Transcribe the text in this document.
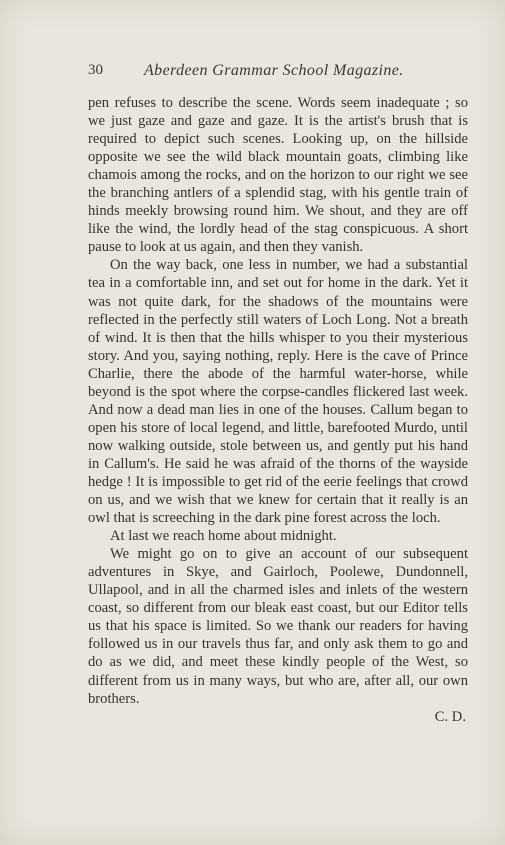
30	Aberdeen Grammar School Magazine.

pen refuses to describe the scene. Words seem inadequate ; so we just gaze and gaze and gaze. It is the artist's brush that is required to depict such scenes. Looking up, on the hillside opposite we see the wild black mountain goats, climbing like chamois among the rocks, and on the horizon to our right we see the branching antlers of a splendid stag, with his gentle train of hinds meekly browsing round him. We shout, and they are off like the wind, the lordly head of the stag conspicuous. A short pause to look at us again, and then they vanish.

On the way back, one less in number, we had a substantial tea in a comfortable inn, and set out for home in the dark. Yet it was not quite dark, for the shadows of the mountains were reflected in the perfectly still waters of Loch Long. Not a breath of wind. It is then that the hills whisper to you their mysterious story. And you, saying nothing, reply. Here is the cave of Prince Charlie, there the abode of the harmful water-horse, while beyond is the spot where the corpse-candles flickered last week. And now a dead man lies in one of the houses. Callum began to open his store of local legend, and little, barefooted Murdo, until now walking outside, stole between us, and gently put his hand in Callum's. He said he was afraid of the thorns of the wayside hedge ! It is impossible to get rid of the eerie feelings that crowd on us, and we wish that we knew for certain that it really is an owl that is screeching in the dark pine forest across the loch.

At last we reach home about midnight.

We might go on to give an account of our subsequent adventures in Skye, and Gairloch, Poolewe, Dundonnell, Ullapool, and in all the charmed isles and inlets of the western coast, so different from our bleak east coast, but our Editor tells us that his space is limited. So we thank our readers for having followed us in our travels thus far, and only ask them to go and do as we did, and meet these kindly people of the West, so different from us in many ways, but who are, after all, our own brothers.

C. D.
